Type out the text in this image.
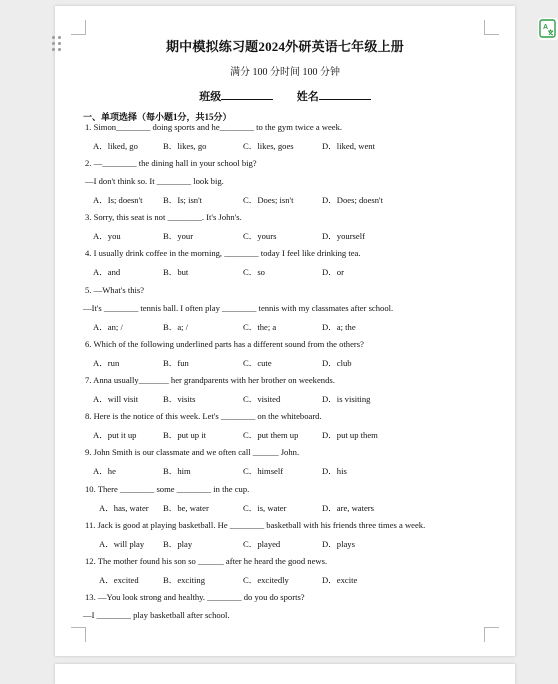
期中模拟练习题2024外研英语七年级上册
满分 100 分时间 100 分钟
班级	姓名
一、单项选择（每小题1分，共15分）
1. Simon________ doing sports and he________ to the gym twice a week.
A．liked, go	B．likes, go	C．likes, goes	D．liked, went
2. —________ the dining hall in your school big?
—I don't think so. It ________ look big.
A．Is; doesn't B．Is; isn't	C．Does; isn't	D．Does; doesn't
3. Sorry, this seat is not ________. It's John's.
A．you	B．your	C．yours	D．yourself
4. I usually drink coffee in the morning, ________ today I feel like drinking tea.
A．and	B．but	C．so	D．or
5. —What's this?
—It's ________ tennis ball. I often play ________ tennis with my classmates after school.
A．an; /	B．a; /	C．the; a	D．a; the
6. Which of the following underlined parts has a different sound from the others?
A．run	B．fun	C．cute	D．club
7. Anna usually_______ her grandparents with her brother on weekends.
A．will visit	B．visits	C．visited	D．is visiting
8. Here is the notice of this week. Let's ________ on the whiteboard.
A．put it up	B．put up it	C．put them up	D．put up them
9. John Smith is our classmate and we often call ______ John.
A．he	B．him	C．himself	D．his
10. There ________ some ________ in the cup.
A．has, water B．be, water	C．is, water	D．are, waters
11. Jack is good at playing basketball. He ________ basketball with his friends three times a week.
A．will play B．play	C．played	D．plays
12. The mother found his son so ______ after he heard the good news.
A．excited	B．exciting	C．excitedly	D．excite
13. —You look strong and healthy. ________ do you do sports?
—I ________ play basketball after school.
A
